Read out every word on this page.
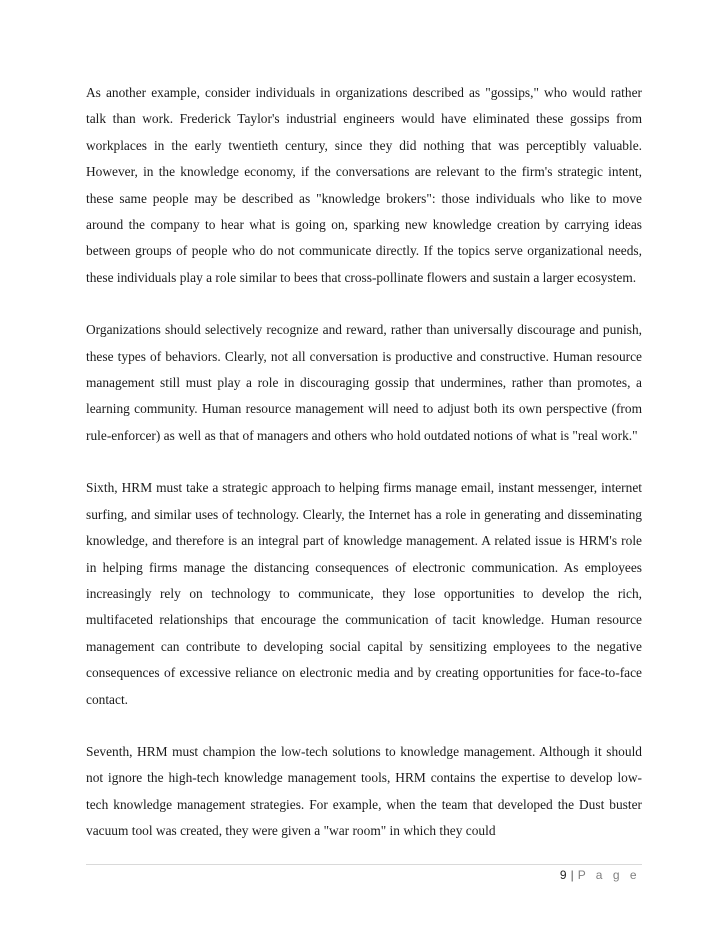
As another example, consider individuals in organizations described as "gossips," who would rather talk than work. Frederick Taylor's industrial engineers would have eliminated these gossips from workplaces in the early twentieth century, since they did nothing that was perceptibly valuable. However, in the knowledge economy, if the conversations are relevant to the firm's strategic intent, these same people may be described as "knowledge brokers": those individuals who like to move around the company to hear what is going on, sparking new knowledge creation by carrying ideas between groups of people who do not communicate directly. If the topics serve organizational needs, these individuals play a role similar to bees that cross-pollinate flowers and sustain a larger ecosystem.

Organizations should selectively recognize and reward, rather than universally discourage and punish, these types of behaviors. Clearly, not all conversation is productive and constructive. Human resource management still must play a role in discouraging gossip that undermines, rather than promotes, a learning community. Human resource management will need to adjust both its own perspective (from rule-enforcer) as well as that of managers and others who hold outdated notions of what is "real work."

Sixth, HRM must take a strategic approach to helping firms manage email, instant messenger, internet surfing, and similar uses of technology. Clearly, the Internet has a role in generating and disseminating knowledge, and therefore is an integral part of knowledge management. A related issue is HRM's role in helping firms manage the distancing consequences of electronic communication. As employees increasingly rely on technology to communicate, they lose opportunities to develop the rich, multifaceted relationships that encourage the communication of tacit knowledge. Human resource management can contribute to developing social capital by sensitizing employees to the negative consequences of excessive reliance on electronic media and by creating opportunities for face-to-face contact.

Seventh, HRM must champion the low-tech solutions to knowledge management. Although it should not ignore the high-tech knowledge management tools, HRM contains the expertise to develop low-tech knowledge management strategies. For example, when the team that developed the Dust buster vacuum tool was created, they were given a "war room" in which they could

9 | P a g e
